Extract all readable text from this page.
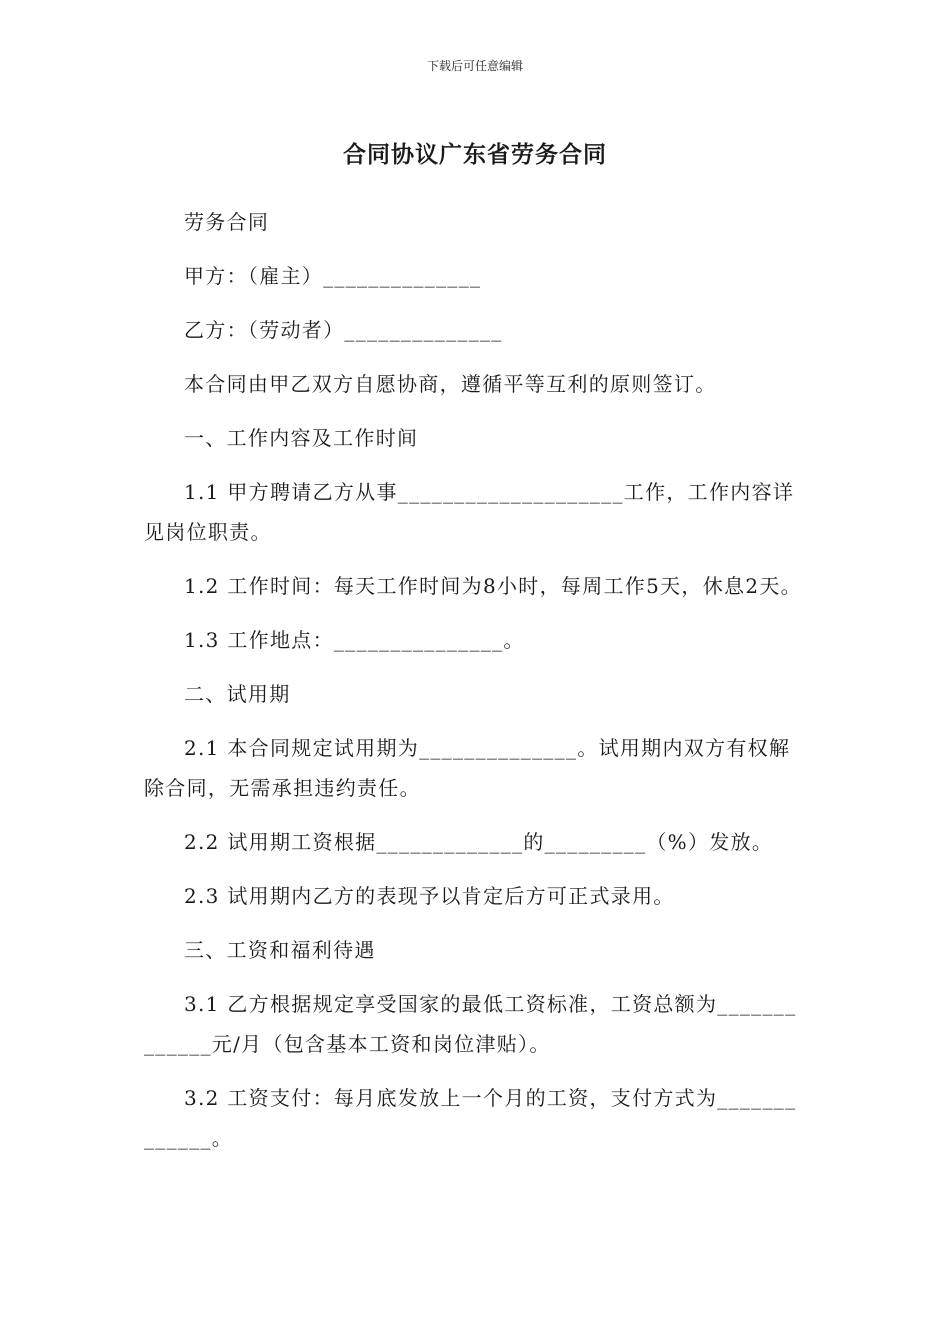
下载后可任意编辑
合同协议广东省劳务合同

劳务合同

甲方：（雇主）______________

乙方：（劳动者）______________

本合同由甲乙双方自愿协商，遵循平等互利的原则签订。

一、工作内容及工作时间

1.1 甲方聘请乙方从事____________________工作，工作内容详见岗位职责。

1.2 工作时间：每天工作时间为8小时，每周工作5天，休息2天。

1.3 工作地点：_______________。

二、试用期

2.1 本合同规定试用期为______________。试用期内双方有权解除合同，无需承担违约责任。

2.2 试用期工资根据_____________的_________（%）发放。

2.3 试用期内乙方的表现予以肯定后方可正式录用。

三、工资和福利待遇

3.1 乙方根据规定享受国家的最低工资标准，工资总额为_____________元/月（包含基本工资和岗位津贴）。

3.2 工资支付：每月底发放上一个月的工资，支付方式为_____________。
